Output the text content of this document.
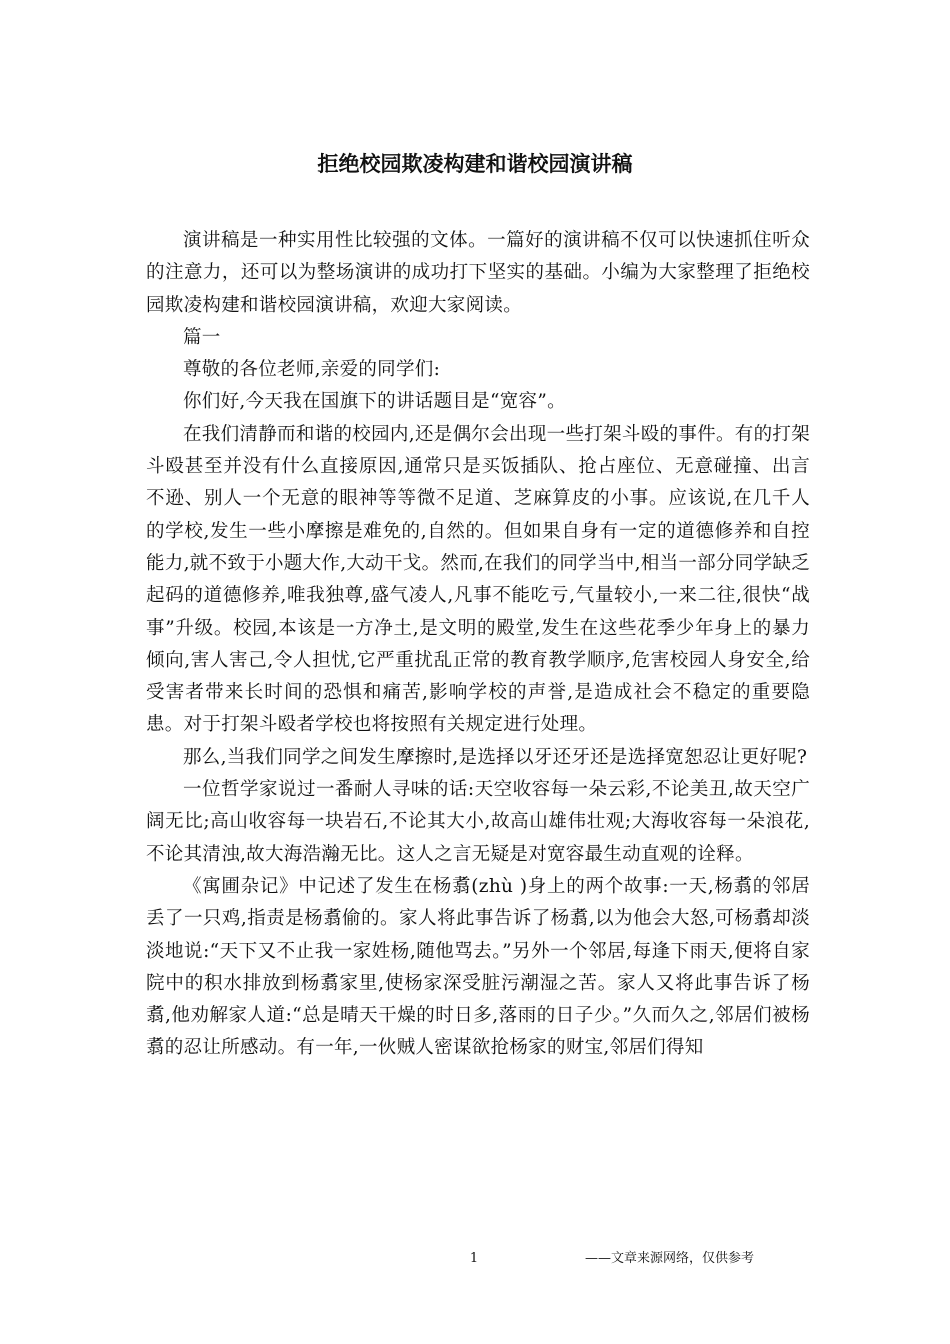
拒绝校园欺凌构建和谐校园演讲稿

演讲稿是一种实用性比较强的文体。一篇好的演讲稿不仅可以快速抓住听众的注意力，还可以为整场演讲的成功打下坚实的基础。小编为大家整理了拒绝校园欺凌构建和谐校园演讲稿，欢迎大家阅读。

篇一

尊敬的各位老师,亲爱的同学们:

你们好,今天我在国旗下的讲话题目是“宽容”。

在我们清静而和谐的校园内,还是偶尔会出现一些打架斗殴的事件。有的打架斗殴甚至并没有什么直接原因,通常只是买饭插队、抢占座位、无意碰撞、出言不逊、别人一个无意的眼神等等微不足道、芝麻算皮的小事。应该说,在几千人的学校,发生一些小摩擦是难免的,自然的。但如果自身有一定的道德修养和自控能力,就不致于小题大作,大动干戈。然而,在我们的同学当中,相当一部分同学缺乏起码的道德修养,唯我独尊,盛气凌人,凡事不能吃亏,气量较小,一来二往,很快“战事”升级。校园,本该是一方净土,是文明的殿堂,发生在这些花季少年身上的暴力倾向,害人害己,令人担忧,它严重扰乱正常的教育教学顺序,危害校园人身安全,给受害者带来长时间的恐惧和痛苦,影响学校的声誉,是造成社会不稳定的重要隐患。对于打架斗殴者学校也将按照有关规定进行处理。

那么,当我们同学之间发生摩擦时,是选择以牙还牙还是选择宽恕忍让更好呢?

一位哲学家说过一番耐人寻味的话:天空收容每一朵云彩,不论美丑,故天空广阔无比;高山收容每一块岩石,不论其大小,故高山雄伟壮观;大海收容每一朵浪花,不论其清浊,故大海浩瀚无比。这人之言无疑是对宽容最生动直观的诠释。

《寓圃杂记》中记述了发生在杨翥(zhù )身上的两个故事:一天,杨翥的邻居丢了一只鸡,指责是杨翥偷的。家人将此事告诉了杨翥,以为他会大怒,可杨翥却淡淡地说:“天下又不止我一家姓杨,随他骂去。”另外一个邻居,每逢下雨天,便将自家院中的积水排放到杨翥家里,使杨家深受脏污潮湿之苦。家人又将此事告诉了杨翥,他劝解家人道:“总是晴天干燥的时日多,落雨的日子少。”久而久之,邻居们被杨翥的忍让所感动。有一年,一伙贼人密谋欲抢杨家的财宝,邻居们得知

1	——文章来源网络，仅供参考
